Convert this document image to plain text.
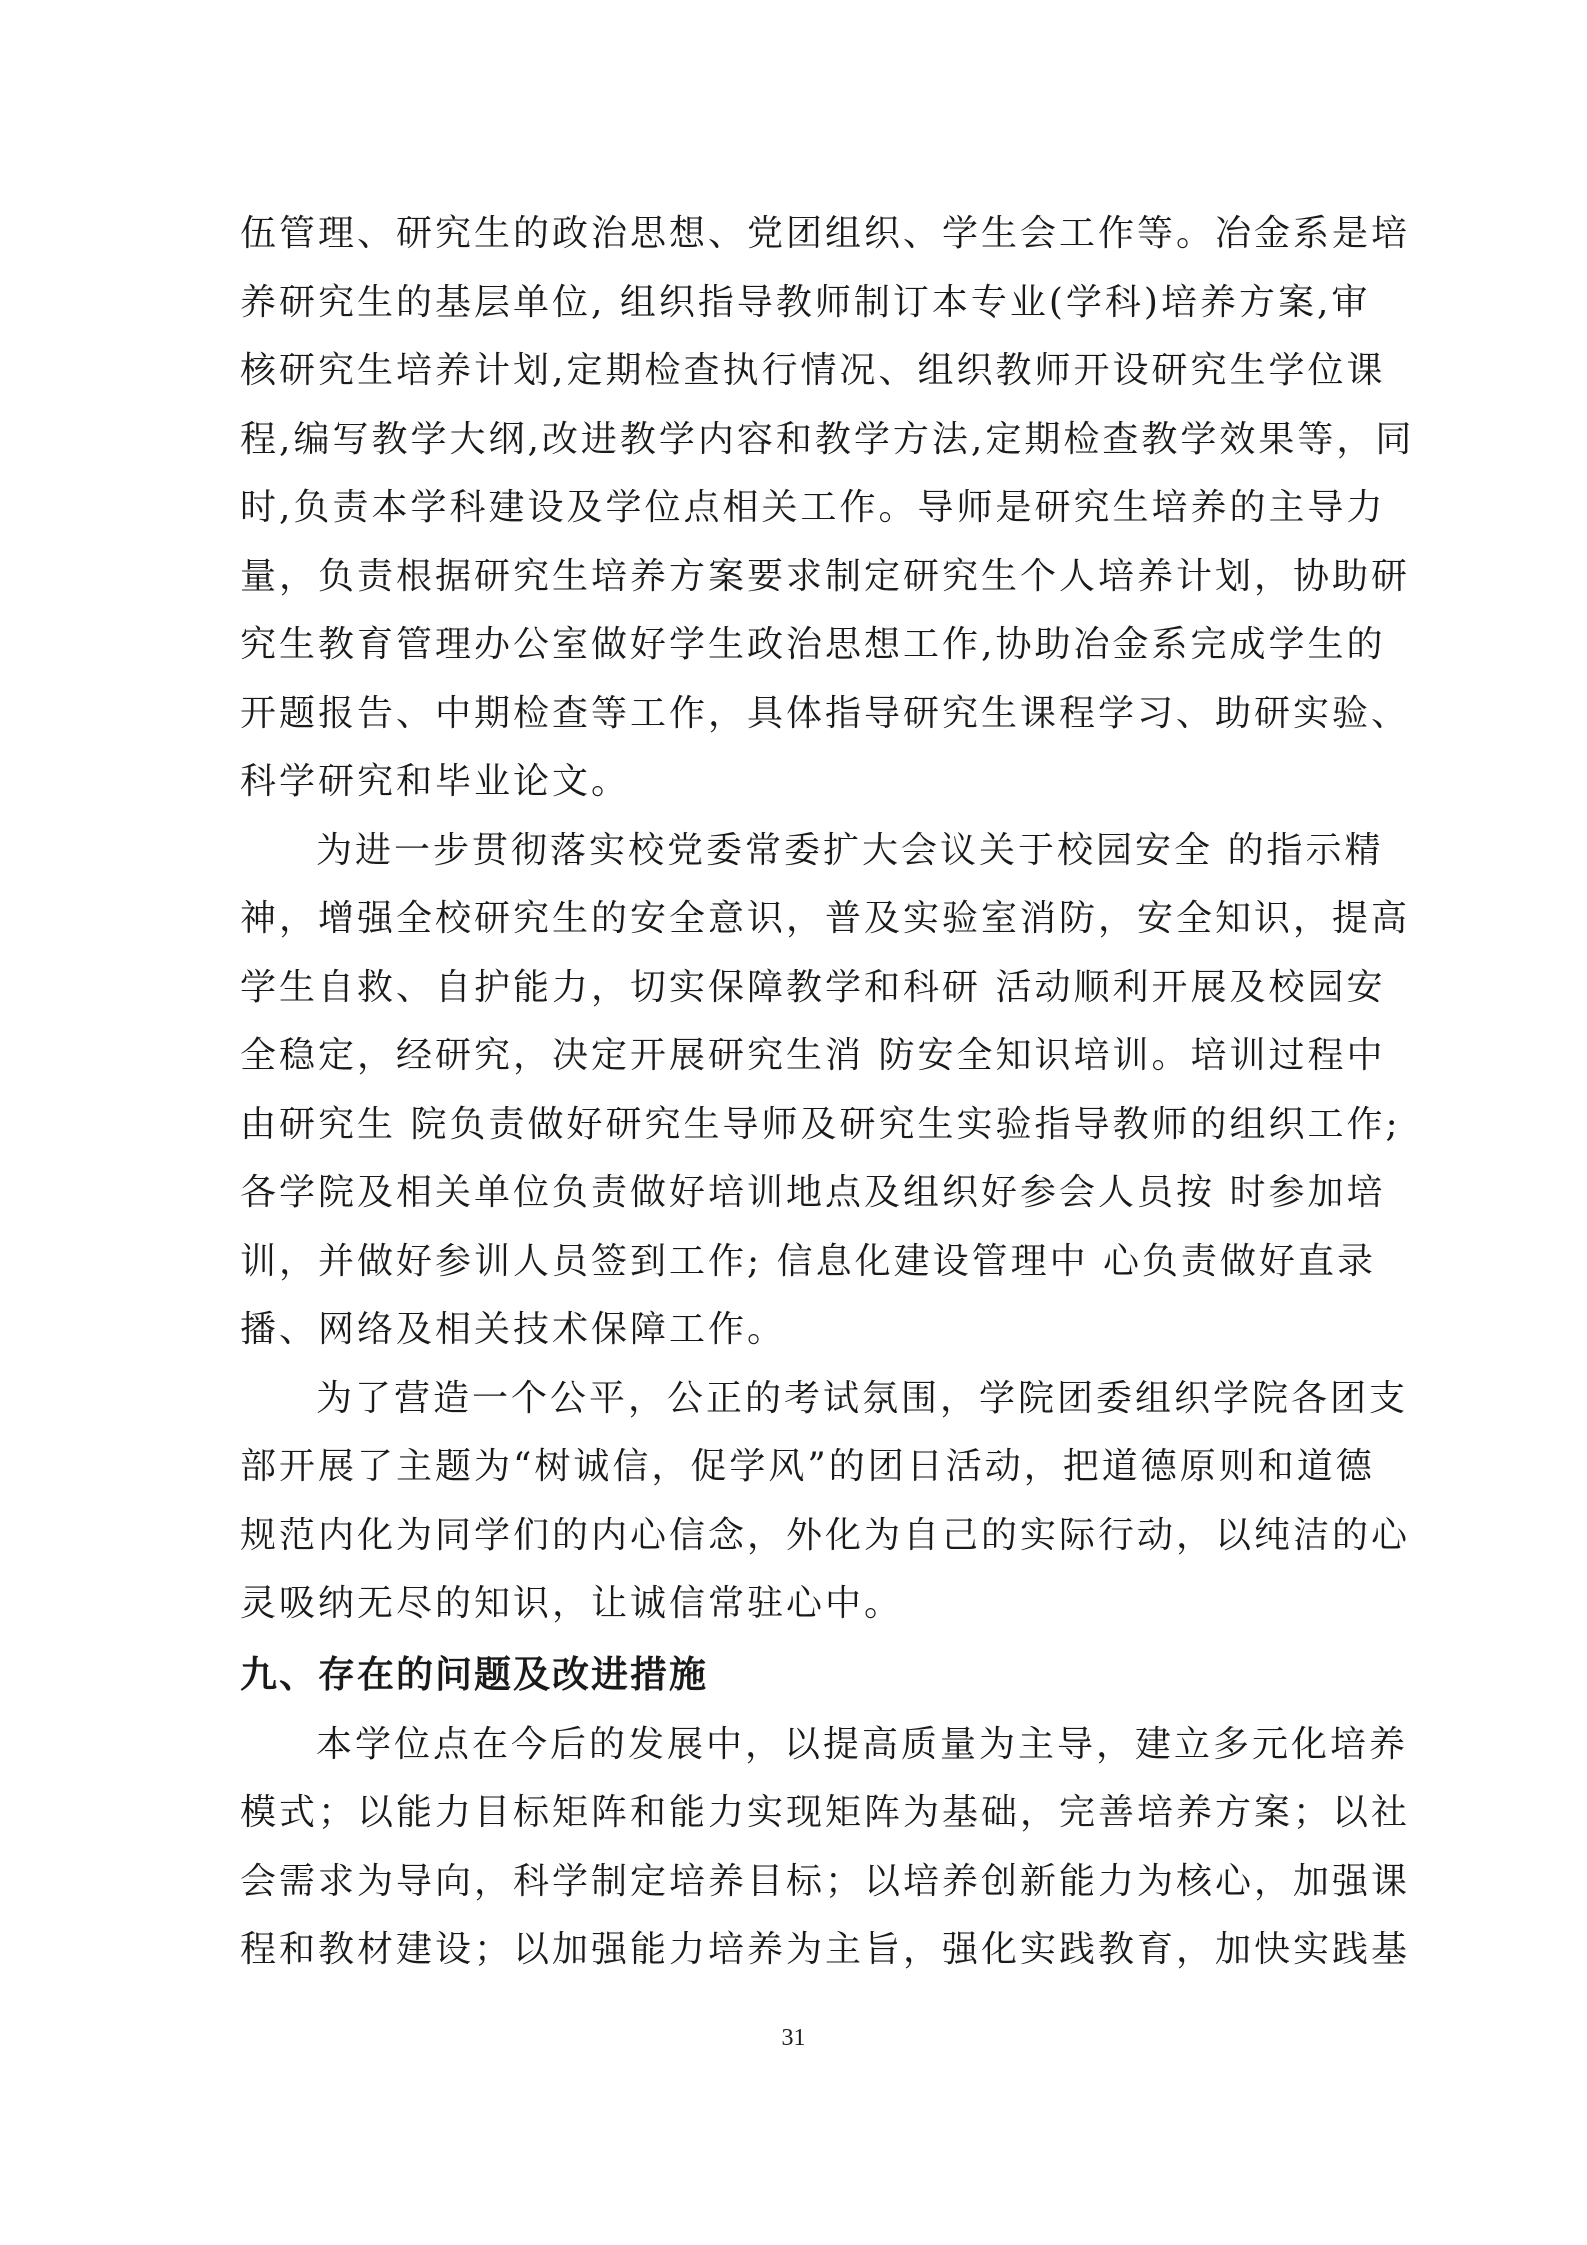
伍管理、研究生的政治思想、党团组织、学生会工作等。冶金系是培
养研究生的基层单位, 组织指导教师制订本专业(学科)培养方案,审
核研究生培养计划,定期检查执行情况、组织教师开设研究生学位课
程,编写教学大纲,改进教学内容和教学方法,定期检查教学效果等，同
时,负责本学科建设及学位点相关工作。导师是研究生培养的主导力
量，负责根据研究生培养方案要求制定研究生个人培养计划，协助研
究生教育管理办公室做好学生政治思想工作,协助冶金系完成学生的
开题报告、中期检查等工作，具体指导研究生课程学习、助研实验、
科学研究和毕业论文。
为进一步贯彻落实校党委常委扩大会议关于校园安全 的指示精
神，增强全校研究生的安全意识，普及实验室消防，安全知识，提高
学生自救、自护能力，切实保障教学和科研 活动顺利开展及校园安
全稳定，经研究，决定开展研究生消 防安全知识培训。培训过程中
由研究生 院负责做好研究生导师及研究生实验指导教师的组织工作;
各学院及相关单位负责做好培训地点及组织好参会人员按 时参加培
训，并做好参训人员签到工作; 信息化建设管理中 心负责做好直录
播、网络及相关技术保障工作。
为了营造一个公平，公正的考试氛围，学院团委组织学院各团支
部开展了主题为“树诚信，促学风”的团日活动，把道德原则和道德
规范内化为同学们的内心信念，外化为自己的实际行动，以纯洁的心
灵吸纳无尽的知识，让诚信常驻心中。
九、存在的问题及改进措施
本学位点在今后的发展中，以提高质量为主导，建立多元化培养
模式；以能力目标矩阵和能力实现矩阵为基础，完善培养方案；以社
会需求为导向，科学制定培养目标；以培养创新能力为核心，加强课
程和教材建设；以加强能力培养为主旨，强化实践教育，加快实践基
31
